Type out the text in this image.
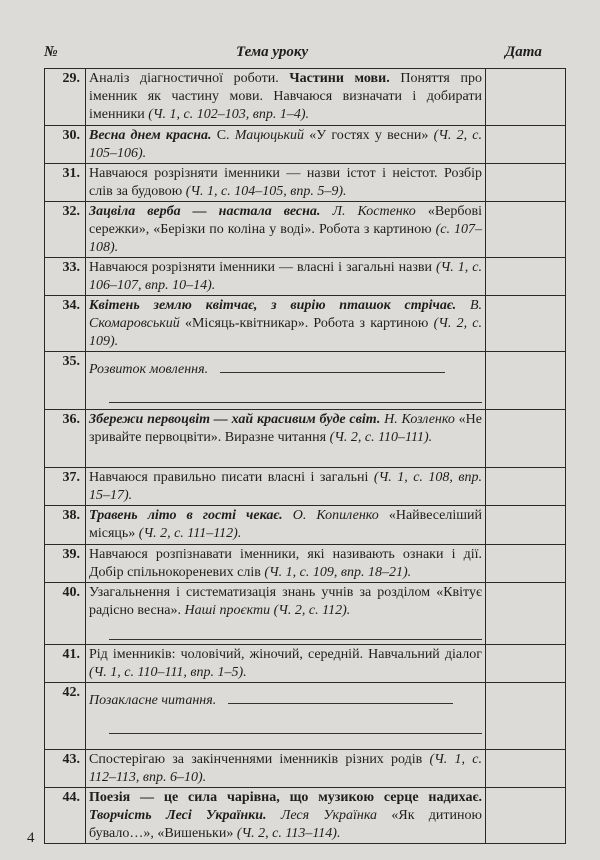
№	Тема уроку	Дата
29.	Аналіз діагностичної роботи. Частини мови. Поняття про іменник як частину мови. Навчаюся визначати і добирати іменники (Ч. 1, с. 102–103, впр. 1–4).	
30.	Весна днем красна. С. Мацюцький «У гостях у весни» (Ч. 2, с. 105–106).	
31.	Навчаюся розрізняти іменники — назви істот і неістот. Розбір слів за будовою (Ч. 1, с. 104–105, впр. 5–9).	
32.	Зацвіла верба — настала весна. Л. Костенко «Вербові сережки», «Берізки по коліна у воді». Робота з картиною (с. 107–108).	
33.	Навчаюся розрізняти іменники — власні і загальні назви (Ч. 1, с. 106–107, впр. 10–14).	
34.	Квітень землю квітчає, з вирію пташок стрічає. В. Скомаровський «Місяць-квітникар». Робота з картиною (Ч. 2, с. 109).	
35.	Розвиток мовлення.

36.	Збережи первоцвіт — хай красивим буде світ. Н. Козленко «Не зривайте первоцвіти». Виразне читання (Ч. 2, с. 110–111).	
37.	Навчаюся правильно писати власні і загальні (Ч. 1, с. 108, впр. 15–17).	
38.	Травень літо в гості чекає. О. Копиленко «Найвеселіший місяць» (Ч. 2, с. 111–112).	
39.	Навчаюся розпізнавати іменники, які називають ознаки і дії. Добір спільнокореневих слів (Ч. 1, с. 109, впр. 18–21).	
40.	Узагальнення і систематизація знань учнів за розділом «Квітує радісно весна». Наші проєкти (Ч. 2, с. 112).

41.	Рід іменників: чоловічий, жіночий, середній. Навчальний діалог (Ч. 1, с. 110–111, впр. 1–5).	
42.	Позакласне читання.

43.	Спостерігаю за закінченнями іменників різних родів (Ч. 1, с. 112–113, впр. 6–10).	
44.	Поезія — це сила чарівна, що музикою серце надихає. Творчість Лесі Українки. Леся Українка «Як дитиною бувало…», «Вишеньки» (Ч. 2, с. 113–114).	
4
